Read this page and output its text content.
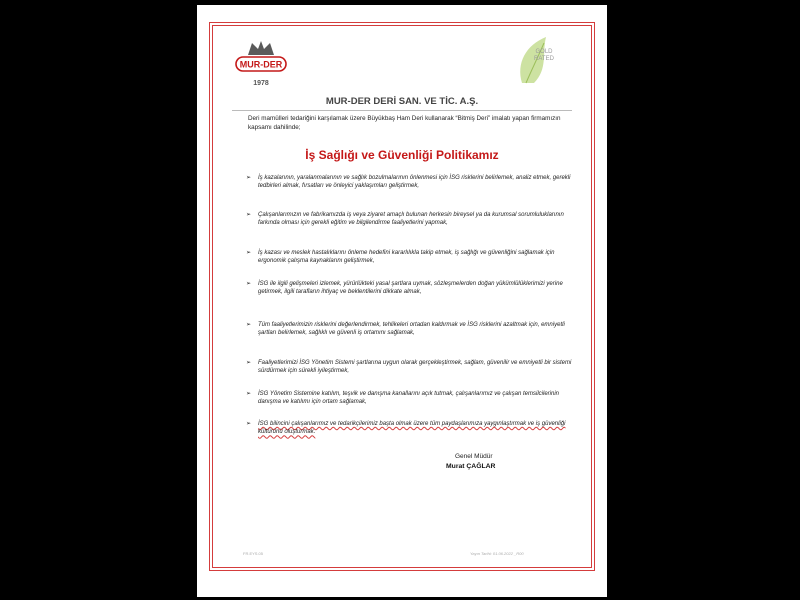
MUR-DER
1978
GOLD
RATED
MUR-DER DERİ SAN. VE TİC. A.Ş.
Deri mamülleri tedariğini karşılamak üzere Büyükbaş Ham Deri kullanarak “Bitmiş Deri” imalatı yapan firmamızın kapsamı dahilinde;
İş Sağlığı ve Güvenliği Politikamız
➢ İş kazalarının, yaralanmalarının ve sağlık bozulmalarının önlenmesi için İSG risklerini belirlemek, analiz etmek, gerekli tedbirleri almak, fırsatları ve önleyici yaklaşımları geliştirmek,
➢ Çalışanlarımızın ve fabrikamızda iş veya ziyaret amaçlı bulunan herkesin bireysel ya da kurumsal sorumluluklarının farkında olması için gerekli eğitim ve bilgilendirme faaliyetlerini yapmak,
➢ İş kazası ve meslek hastalıklarını önleme hedefini kararlılıkla takip etmek, iş sağlığı ve güvenliğini sağlamak için ergonomik çalışma kaynaklarını geliştirmek,
➢ İSG ile ilgili gelişmeleri izlemek, yürürlükteki yasal şartlara uymak, sözleşmelerden doğan yükümlülüklerimizi yerine getirmek, ilgili tarafların ihtiyaç ve beklentilerini dikkate almak,
➢ Tüm faaliyetlerimizin risklerini değerlendirmek, tehlikeleri ortadan kaldırmak ve İSG risklerini azaltmak için, emniyetli şartları belirlemek, sağlıklı ve güvenli iş ortamını sağlamak,
➢ Faaliyetlerimizi İSG Yönetim Sistemi şartlarına uygun olarak gerçekleştirmek, sağlam, güvenilir ve emniyetli bir sistemi sürdürmek için sürekli iyileştirmek,
➢ İSG Yönetim Sistemine katılım, teşvik ve danışma kanallarını açık tutmak, çalışanlarımız ve çalışan temsilcilerinin danışma ve katılımı için ortam sağlamak,
➢ İSG bilincini çalışanlarımız ve tedarikçilerimiz başta olmak üzere tüm paydaşlarımıza yaygınlaştırmak ve iş güvenliği kültürünü oluşturmak.
Genel Müdür
Murat ÇAĞLAR
FR.EYS.05	Yayın Tarihi: 01.06.2022 _R00
